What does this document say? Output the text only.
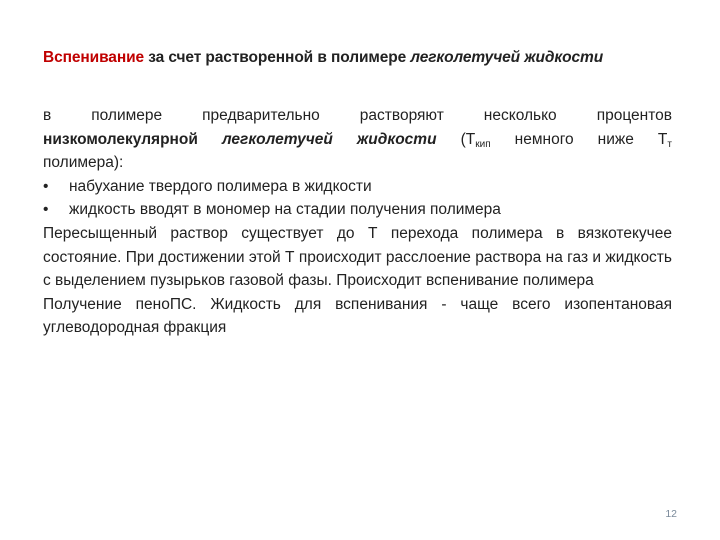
Вспенивание за счет растворенной в полимере легколетучей жидкости

в полимере предварительно растворяют несколько процентов

низкомолекулярной легколетучей жидкости ($Т_{кип}$ немного ниже $Т_т$

полимера):

•	набухание твердого полимера в жидкости
•	жидкость вводят в мономер на стадии получения полимера

Пересыщенный раствор существует до Т перехода полимера в вязкотекучее состояние. При достижении этой Т происходит расслоение раствора на газ и жидкость с выделением пузырьков газовой фазы. Происходит вспенивание полимера

Получение пеноПС. Жидкость для вспенивания - чаще всего изопентановая углеводородная фракция

12
